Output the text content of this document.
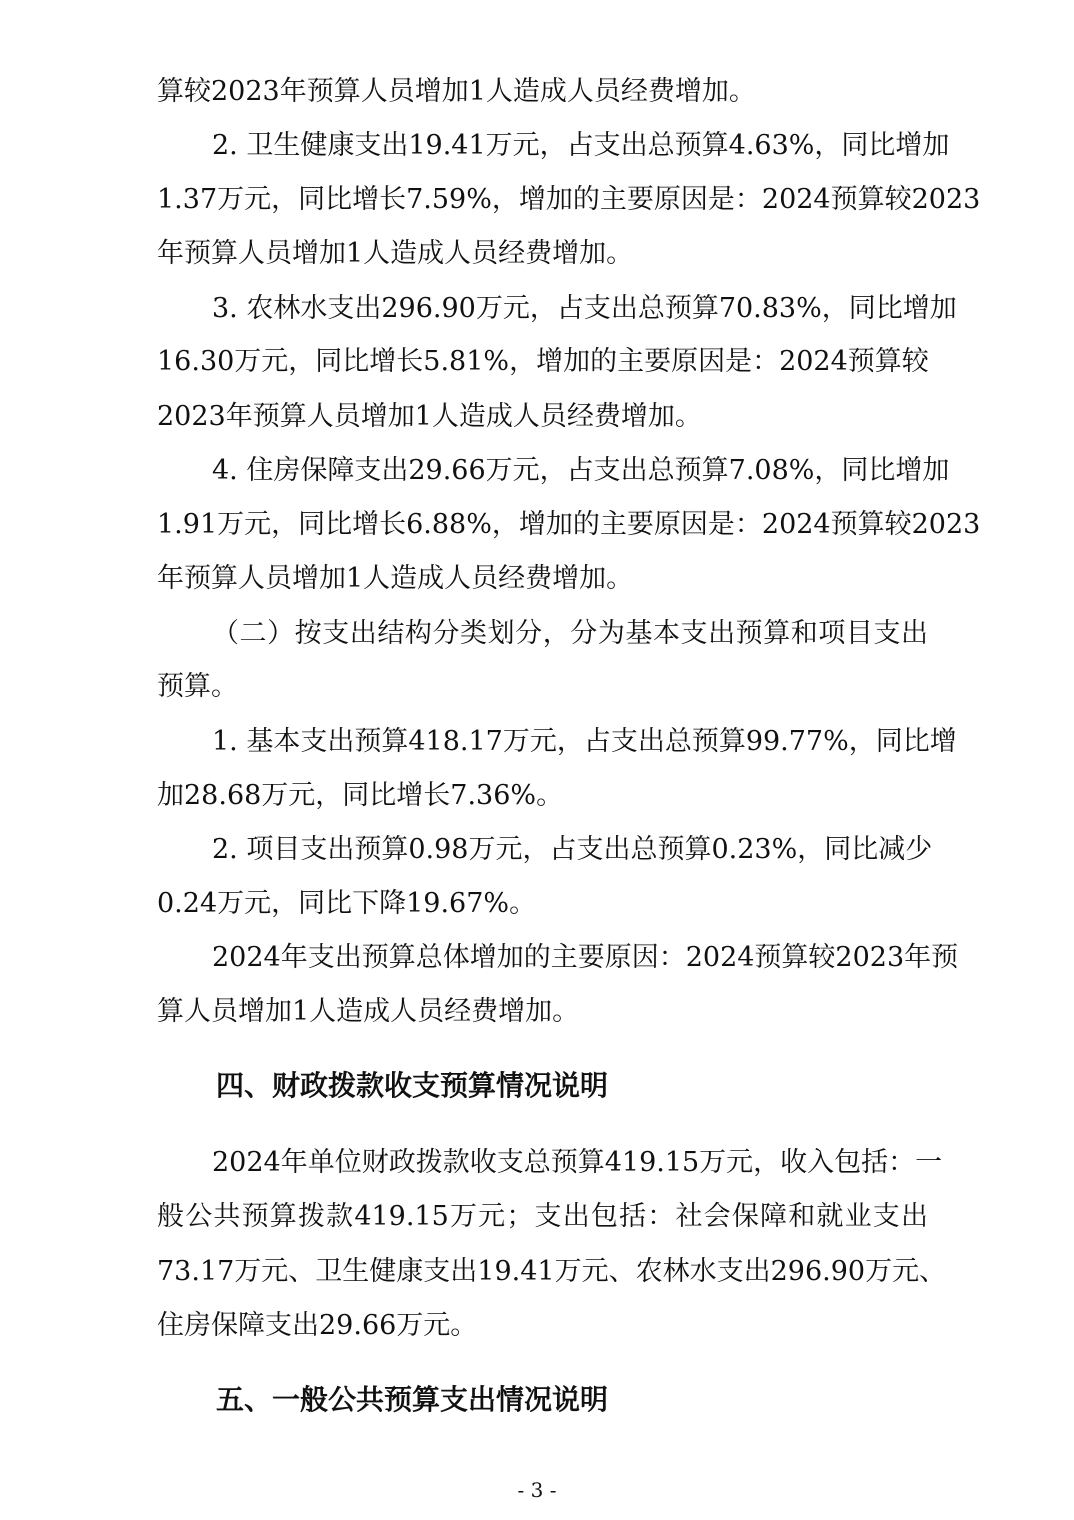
算较2023年预算人员增加1人造成人员经费增加。
2. 卫生健康支出19.41万元，占支出总预算4.63%，同比增加
1.37万元，同比增长7.59%，增加的主要原因是：2024预算较2023
年预算人员增加1人造成人员经费增加。
3. 农林水支出296.90万元，占支出总预算70.83%，同比增加
16.30万元，同比增长5.81%，增加的主要原因是：2024预算较
2023年预算人员增加1人造成人员经费增加。
4. 住房保障支出29.66万元，占支出总预算7.08%，同比增加
1.91万元，同比增长6.88%，增加的主要原因是：2024预算较2023
年预算人员增加1人造成人员经费增加。
（二）按支出结构分类划分，分为基本支出预算和项目支出
预算。
1. 基本支出预算418.17万元，占支出总预算99.77%，同比增
加28.68万元，同比增长7.36%。
2. 项目支出预算0.98万元，占支出总预算0.23%，同比减少
0.24万元，同比下降19.67%。
2024年支出预算总体增加的主要原因：2024预算较2023年预
算人员增加1人造成人员经费增加。
四、财政拨款收支预算情况说明
2024年单位财政拨款收支总预算419.15万元，收入包括：一
般公共预算拨款419.15万元；支出包括：社会保障和就业支出
73.17万元、卫生健康支出19.41万元、农林水支出296.90万元、
住房保障支出29.66万元。
五、一般公共预算支出情况说明
- 3 -
